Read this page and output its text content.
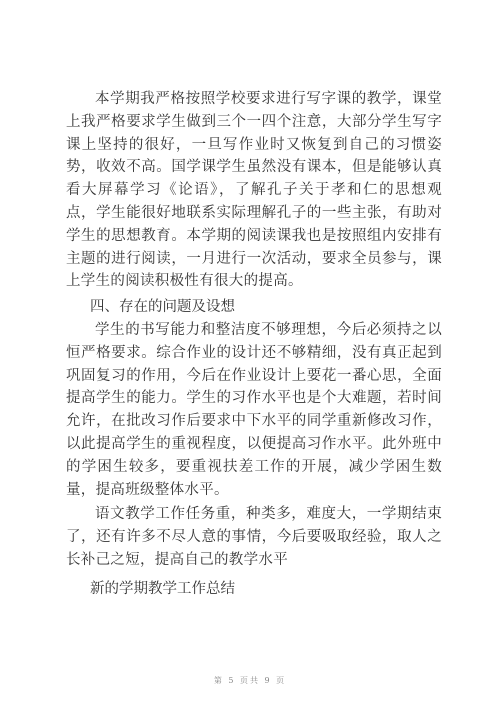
本学期我严格按照学校要求进行写字课的教学，课堂上我严格要求学生做到三个一四个注意，大部分学生写字课上坚持的很好，一旦写作业时又恢复到自己的习惯姿势，收效不高。国学课学生虽然没有课本，但是能够认真看大屏幕学习《论语》，了解孔子关于孝和仁的思想观点，学生能很好地联系实际理解孔子的一些主张，有助对学生的思想教育。本学期的阅读课我也是按照组内安排有主题的进行阅读，一月进行一次活动，要求全员参与，课上学生的阅读积极性有很大的提高。

四、存在的问题及设想

学生的书写能力和整洁度不够理想，今后必须持之以恒严格要求。综合作业的设计还不够精细，没有真正起到巩固复习的作用，今后在作业设计上要花一番心思，全面提高学生的能力。学生的习作水平也是个大难题，若时间允许，在批改习作后要求中下水平的同学重新修改习作，以此提高学生的重视程度，以便提高习作水平。此外班中的学困生较多，要重视扶差工作的开展，减少学困生数量，提高班级整体水平。

语文教学工作任务重，种类多，难度大，一学期结束了，还有许多不尽人意的事情，今后要吸取经验，取人之长补己之短，提高自己的教学水平

新的学期教学工作总结

第 5 页共 9 页
